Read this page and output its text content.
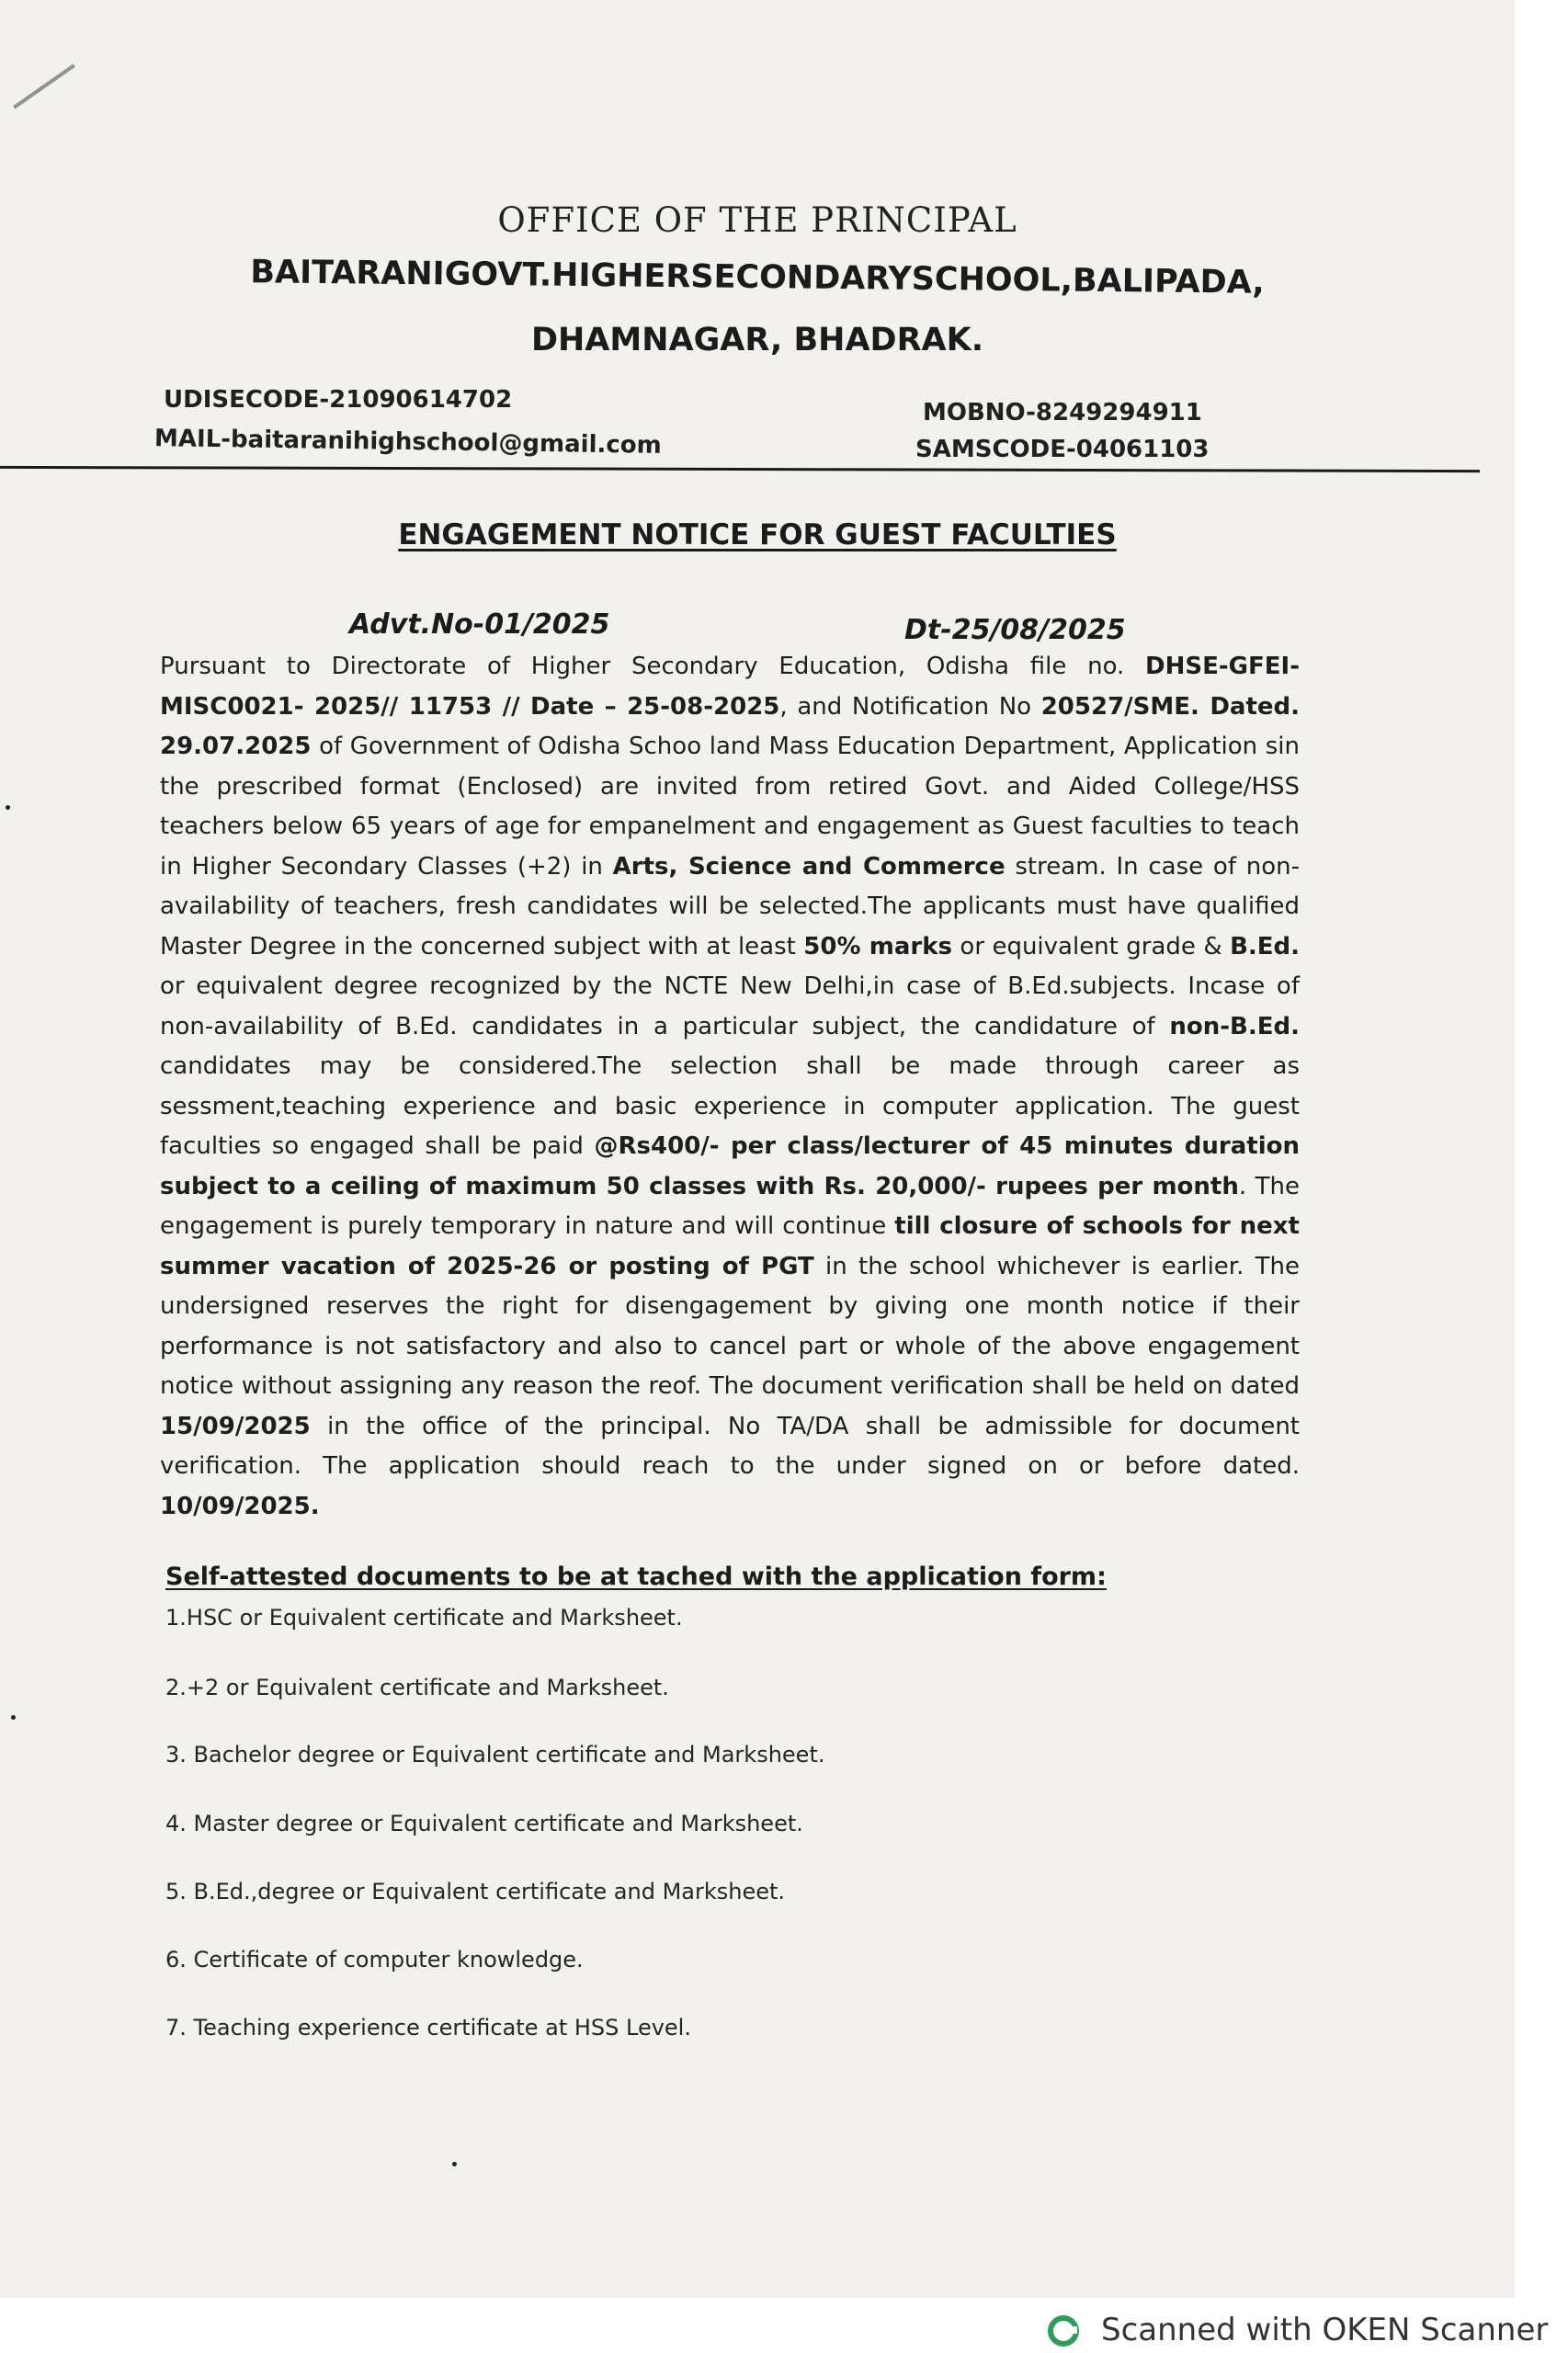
OFFICE OF THE PRINCIPAL
BAITARANIGOVT.HIGHERSECONDARYSCHOOL,BALIPADA,
DHAMNAGAR, BHADRAK.
UDISECODE-21090614702
MAIL-baitaranihighschool@gmail.com
MOBNO-8249294911
SAMSCODE-04061103
ENGAGEMENT NOTICE FOR GUEST FACULTIES
Advt.No-01/2025	Dt-25/08/2025
Pursuant to Directorate of Higher Secondary Education, Odisha file no. DHSE-GFEI-MISC0021- 2025// 11753 // Date – 25-08-2025, and Notification No 20527/SME. Dated. 29.07.2025 of Government of Odisha Schoo land Mass Education Department, Application sin the prescribed format (Enclosed) are invited from retired Govt. and Aided College/HSS teachers below 65 years of age for empanelment and engagement as Guest faculties to teach in Higher Secondary Classes (+2) in Arts, Science and Commerce stream. In case of non-availability of teachers, fresh candidates will be selected.The applicants must have qualified Master Degree in the concerned subject with at least 50% marks or equivalent grade & B.Ed. or equivalent degree recognized by the NCTE New Delhi,in case of B.Ed.subjects. Incase of non-availability of B.Ed. candidates in a particular subject, the candidature of non-B.Ed. candidates may be considered.The selection shall be made through career as sessment,teaching experience and basic experience in computer application. The guest faculties so engaged shall be paid @Rs400/- per class/lecturer of 45 minutes duration subject to a ceiling of maximum 50 classes with Rs. 20,000/- rupees per month. The engagement is purely temporary in nature and will continue till closure of schools for next summer vacation of 2025-26 or posting of PGT in the school whichever is earlier. The undersigned reserves the right for disengagement by giving one month notice if their performance is not satisfactory and also to cancel part or whole of the above engagement notice without assigning any reason the reof. The document verification shall be held on dated 15/09/2025 in the office of the principal. No TA/DA shall be admissible for document verification. The application should reach to the under signed on or before dated. 10/09/2025.
Self-attested documents to be at tached with the application form:
1.HSC or Equivalent certificate and Marksheet.
2.+2 or Equivalent certificate and Marksheet.
3. Bachelor degree or Equivalent certificate and Marksheet.
4. Master degree or Equivalent certificate and Marksheet.
5. B.Ed.,degree or Equivalent certificate and Marksheet.
6. Certificate of computer knowledge.
7. Teaching experience certificate at HSS Level.
Scanned with OKEN Scanner
